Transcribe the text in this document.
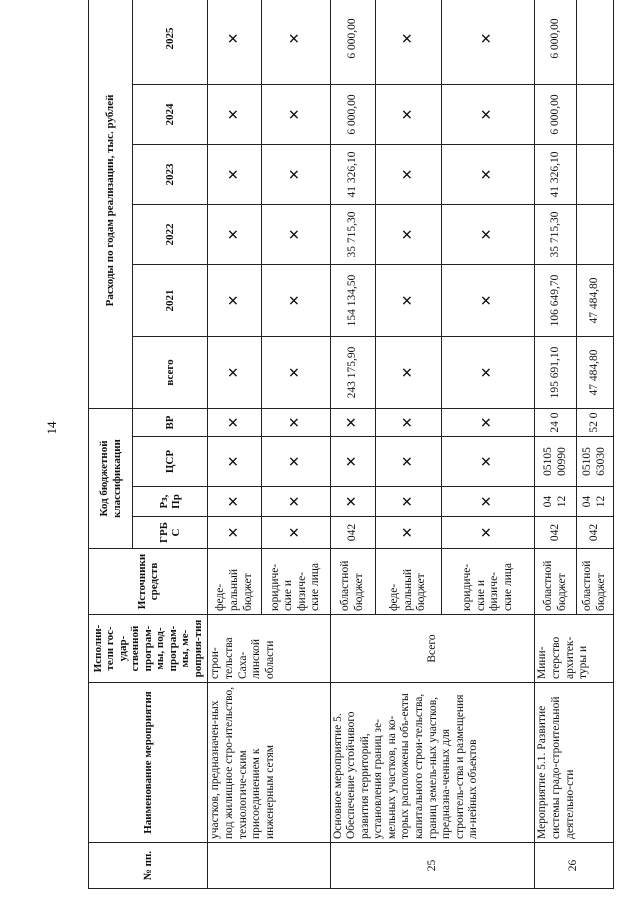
14
№ пп.	Наименование мероприятия	Исполни-тели гос-удар-ственной програм-мы, под-програм-мы, ме-роприя-тия	Источники средств	Код бюджетной классификации				Расходы по годам реализации, тыс. рублей					
				ГРБ С	Рз, Пр	ЦСР	ВР	всего	2021	2022	2023	2024	2025
	участков, предназначен-ных под жилищное стро-ительство, технологиче-ским присоединением к инженерным сетям	строи-тельства Саха-линской области	феде-ральный бюджет	✕	✕	✕	✕	✕	✕	✕	✕	✕	✕
			юридиче-ские и физиче-ские лица	✕	✕	✕	✕	✕	✕	✕	✕	✕	✕
25	Основное мероприятие 5. Обеспечение устойчивого развития территорий, установления границ зе-мельных участков, на ко-торых расположены объ-екты капитального строи-тельства, границ земель-ных участков, предназна-ченных для строитель-ства и размещения ли-нейных объектов	Всего	областной бюджет	042	✕	✕	✕	243 175,90	154 134,50	35 715,30	41 326,10	6 000,00	6 000,00
			феде-ральный бюджет	✕	✕	✕	✕	✕	✕	✕	✕	✕	✕
			юридиче-ские и физиче-ские лица	✕	✕	✕	✕	✕	✕	✕	✕	✕	✕
26	Мероприятие 5.1. Развитие системы градо-строительной деятельно-сти	Мини-стерство архитек-туры и	областной бюджет	042	04 12	05105 00990	24 0	195 691,10	106 649,70	35 715,30	41 326,10	6 000,00	6 000,00
			областной бюджет	042	04 12	05105 63030	52 0	47 484,80	47 484,80				
